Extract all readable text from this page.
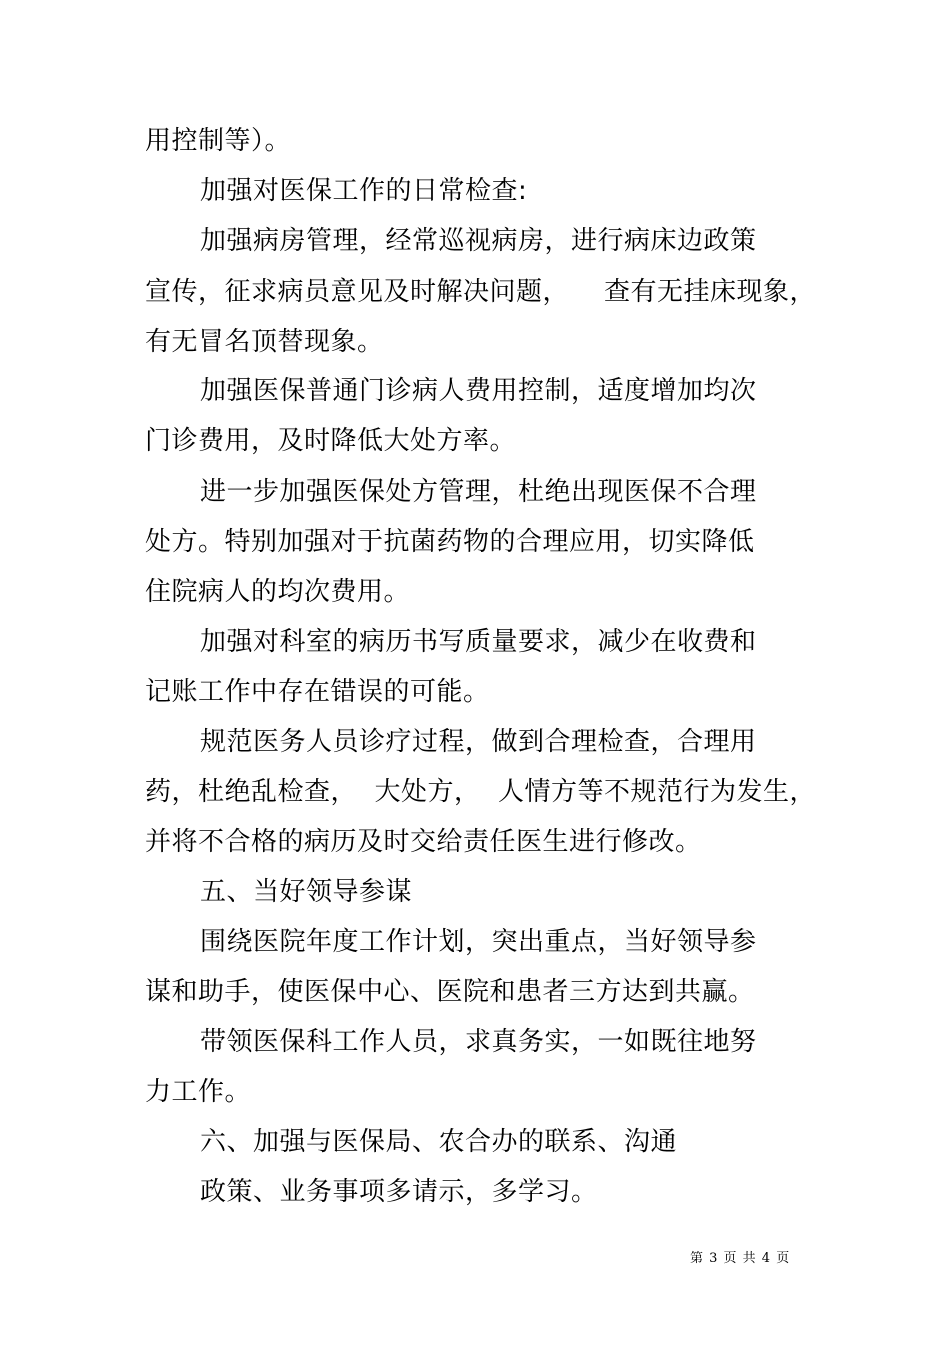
用控制等）。
加强对医保工作的日常检查:
加强病房管理，经常巡视病房，进行病床边政策
宣传，征求病员意见及时解决问题，    查有无挂床现象，
有无冒名顶替现象。
加强医保普通门诊病人费用控制，适度增加均次
门诊费用，及时降低大处方率。
进一步加强医保处方管理，杜绝出现医保不合理
处方。特别加强对于抗菌药物的合理应用，切实降低
住院病人的均次费用。
加强对科室的病历书写质量要求，减少在收费和
记账工作中存在错误的可能。
规范医务人员诊疗过程，做到合理检查，合理用
药，杜绝乱检查，  大处方，  人情方等不规范行为发生，
并将不合格的病历及时交给责任医生进行修改。
五、当好领导参谋
围绕医院年度工作计划，突出重点，当好领导参
谋和助手，使医保中心、医院和患者三方达到共赢。
带领医保科工作人员，求真务实，一如既往地努
力工作。
六、加强与医保局、农合办的联系、沟通
政策、业务事项多请示，多学习。
第 3 页 共 4 页
